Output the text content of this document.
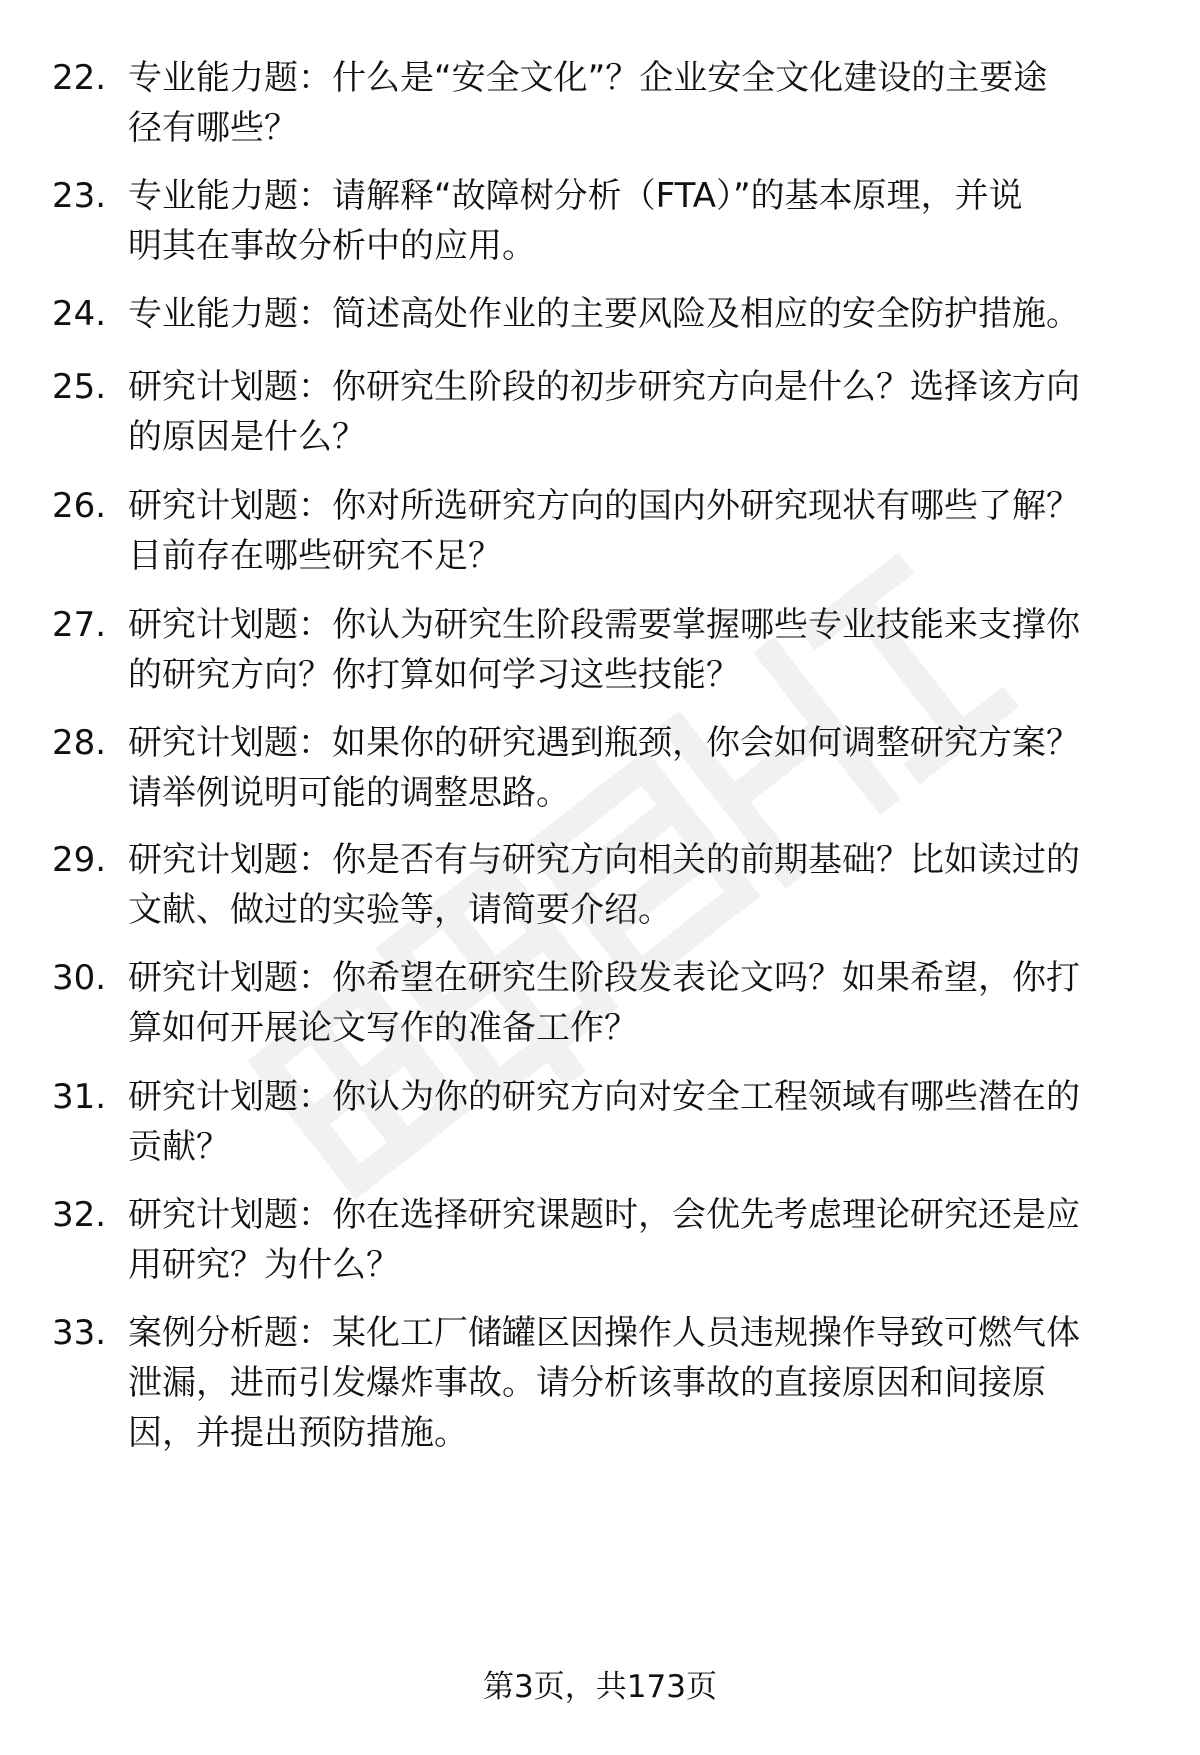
22. 专业能力题：什么是“安全文化”？企业安全文化建设的主要途
径有哪些？
23. 专业能力题：请解释“故障树分析（FTA）”的基本原理，并说
明其在事故分析中的应用。
24. 专业能力题：简述高处作业的主要风险及相应的安全防护措施。
25. 研究计划题：你研究生阶段的初步研究方向是什么？选择该方向
的原因是什么？
26. 研究计划题：你对所选研究方向的国内外研究现状有哪些了解？
目前存在哪些研究不足？
27. 研究计划题：你认为研究生阶段需要掌握哪些专业技能来支撑你
的研究方向？你打算如何学习这些技能？
28. 研究计划题：如果你的研究遇到瓶颈，你会如何调整研究方案？
请举例说明可能的调整思路。
29. 研究计划题：你是否有与研究方向相关的前期基础？比如读过的
文献、做过的实验等，请简要介绍。
30. 研究计划题：你希望在研究生阶段发表论文吗？如果希望，你打
算如何开展论文写作的准备工作？
31. 研究计划题：你认为你的研究方向对安全工程领域有哪些潜在的
贡献？
32. 研究计划题：你在选择研究课题时，会优先考虑理论研究还是应
用研究？为什么？
33. 案例分析题：某化工厂储罐区因操作人员违规操作导致可燃气体
泄漏，进而引发爆炸事故。请分析该事故的直接原因和间接原
因，并提出预防措施。
第3页，共173页
